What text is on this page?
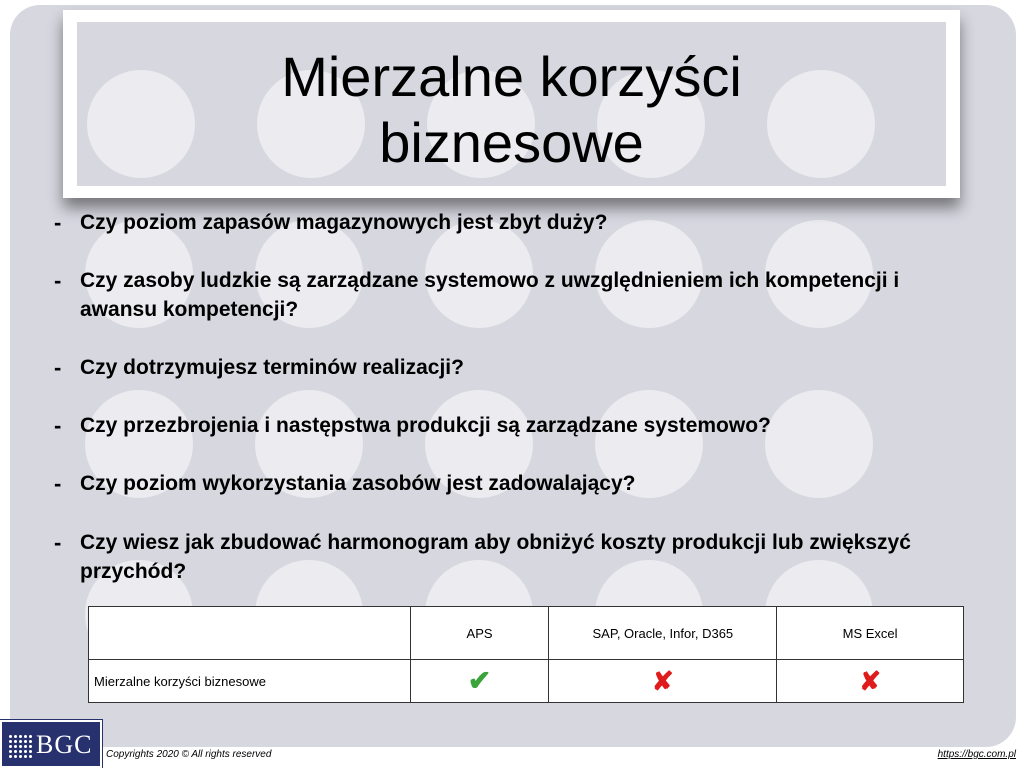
Mierzalne korzyści
biznesowe
- Czy poziom zapasów magazynowych jest zbyt duży?
- Czy zasoby ludzkie są zarządzane systemowo z uwzględnieniem ich kompetencji i awansu kompetencji?
- Czy dotrzymujesz terminów realizacji?
- Czy przezbrojenia i następstwa produkcji są zarządzane systemowo?
- Czy poziom wykorzystania zasobów jest zadowalający?
- Czy wiesz jak zbudować harmonogram aby obniżyć koszty produkcji lub zwiększyć przychód?
	APS	SAP, Oracle, Infor, D365	MS Excel
Mierzalne korzyści biznesowe	✔	✘	✘
BGC Copyrights 2020 © All rights reserved	https://bgc.com.pl
